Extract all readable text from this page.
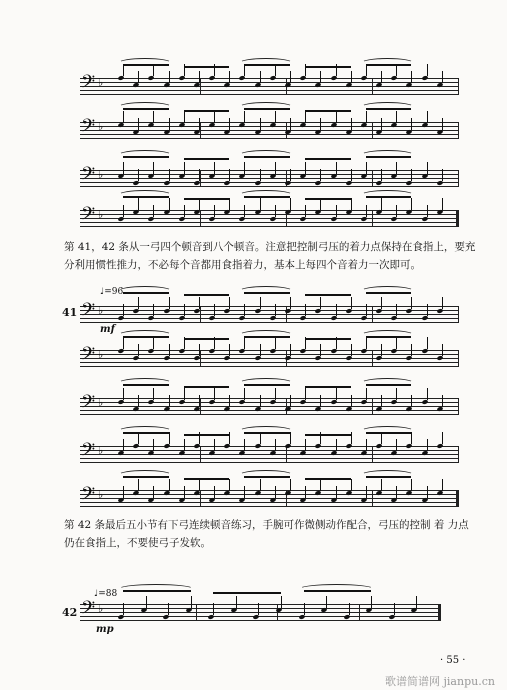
𝄢 ♭
𝄢 ♭
𝄢 ♭
𝄢 ♭
𝄢 ♭
𝄢 ♭
𝄢 ♭
𝄢 ♭
𝄢 ♭
𝄢 ♭
第 41，42 条从一弓四个顿音到八个顿音。注意把控制弓压的着力点保持在食指上，要充
分利用惯性推力，不必每个音都用食指着力，基本上每四个音着力一次即可。
41
♩=96
mf
第 42 条最后五小节有下弓连续顿音练习，手腕可作微侧动作配合，弓压的控制 着 力点
仍在食指上，不要使弓子发软。
42
♩=88
mp
· 55 ·
歌谱简谱网 jianpu.cn
